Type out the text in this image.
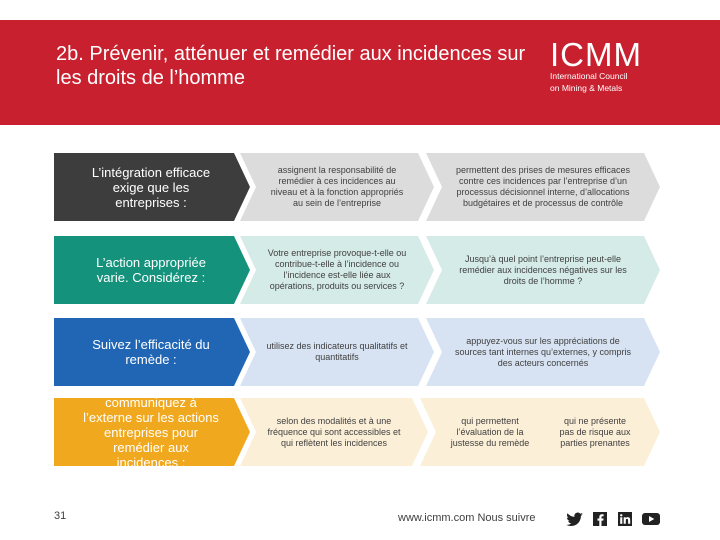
2b. Prévenir, atténuer et remédier aux incidences sur les droits de l’homme
ICMM
International Council
on Mining & Metals
L’intégration efficace exige que les entreprises :
assignent la responsabilité de remédier à ces incidences au niveau et à la fonction appropriés au sein de l’entreprise
permettent des prises de mesures efficaces contre ces incidences par l’entreprise d’un processus décisionnel interne, d’allocations budgétaires et de processus de contrôle
L’action appropriée varie. Considérez :
Votre entreprise provoque-t-elle ou contribue-t-elle à l’incidence ou l’incidence est-elle liée aux opérations, produits ou services ?
Jusqu’à quel point l’entreprise peut-elle remédier aux incidences négatives sur les droits de l’homme ?
Suivez l’efficacité du remède :
utilisez des indicateurs qualitatifs et quantitatifs
appuyez-vous sur les appréciations de sources tant internes qu’externes, y compris des acteurs concernés
communiquez à l’externe sur les actions entreprises pour remédier aux incidences :
selon des modalités et à une fréquence qui sont accessibles et qui reflètent les incidences
qui permettent l’évaluation de la justesse du remède
qui ne présente pas de risque aux parties prenantes
31	www.icmm.com Nous suivre
